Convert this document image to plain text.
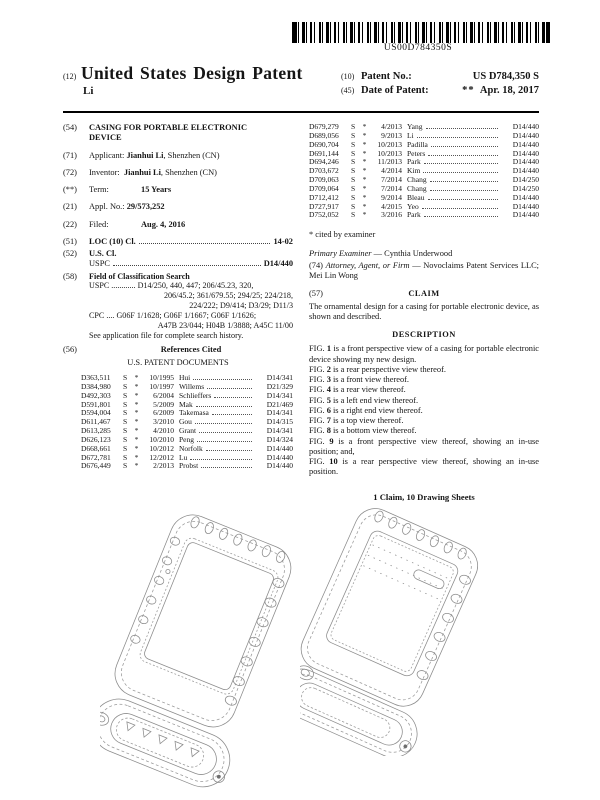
US00D784350S
(12) United States Design Patent
Li
(10) Patent No.:	US D784,350 S
(45) Date of Patent:	** Apr. 18, 2017
(54)	CASING FOR PORTABLE ELECTRONIC DEVICE
(71)	Applicant: Jianhui Li, Shenzhen (CN)
(72)	Inventor: Jianhui Li, Shenzhen (CN)
(**)	Term:	15 Years
(21)	Appl. No.: 29/573,252
(22)	Filed:	Aug. 4, 2016
(51)	LOC (10) Cl.	14-02
(52)	U.S. Cl.
USPC	D14/440
(58)	Field of Classification Search
USPC ............ D14/250, 440, 447; 206/45.23, 320,
206/45.2; 361/679.55; 294/25; 224/218,
224/222; D9/414; D3/29; D11/3
CPC .... G06F 1/1628; G06F 1/1667; G06F 1/1626;
A47B 23/044; H04B 1/3888; A45C 11/00
See application file for complete search history.
(56)	References Cited
U.S. PATENT DOCUMENTS
D363,511	S *	10/1995 Hui	D14/341
D384,980	S *	10/1997 Willems	D21/329
D492,303	S *	6/2004 Schlieffers	D14/341
D591,801	S *	5/2009 Mak	D21/469
D594,004	S *	6/2009 Takemasa	D14/341
D611,467	S *	3/2010 Gou	D14/315
D613,285	S *	4/2010 Grant	D14/341
D626,123	S *	10/2010 Peng	D14/324
D668,661	S *	10/2012 Norfolk	D14/440
D672,781	S *	12/2012 Lu	D14/440
D676,449	S *	2/2013 Probst	D14/440
D679,279	S *	4/2013 Yang	D14/440
D689,056	S *	9/2013 Li	D14/440
D690,704	S *	10/2013 Padilla	D14/440
D691,144	S *	10/2013 Peters	D14/440
D694,246	S *	11/2013 Park	D14/440
D703,672	S *	4/2014 Kim	D14/440
D709,063	S *	7/2014 Chang	D14/250
D709,064	S *	7/2014 Chang	D14/250
D712,412	S *	9/2014 Bleau	D14/440
D727,917	S *	4/2015 Yeo	D14/440
D752,052	S *	3/2016 Park	D14/440
* cited by examiner
Primary Examiner — Cynthia Underwood
(74) Attorney, Agent, or Firm — Novoclaims Patent Services LLC; Mei Lin Wong
(57)	CLAIM
The ornamental design for a casing for portable electronic device, as shown and described.
DESCRIPTION

FIG. 1 is a front perspective view of a casing for portable electronic device showing my new design.

FIG. 2 is a rear perspective view thereof.

FIG. 3 is a front view thereof.

FIG. 4 is a rear view thereof.

FIG. 5 is a left end view thereof.

FIG. 6 is a right end view thereof.

FIG. 7 is a top view thereof.

FIG. 8 is a bottom view thereof.

FIG. 9 is a front perspective view thereof, showing an in-use position; and,

FIG. 10 is a rear perspective view thereof, showing an in-use position.

1 Claim, 10 Drawing Sheets
